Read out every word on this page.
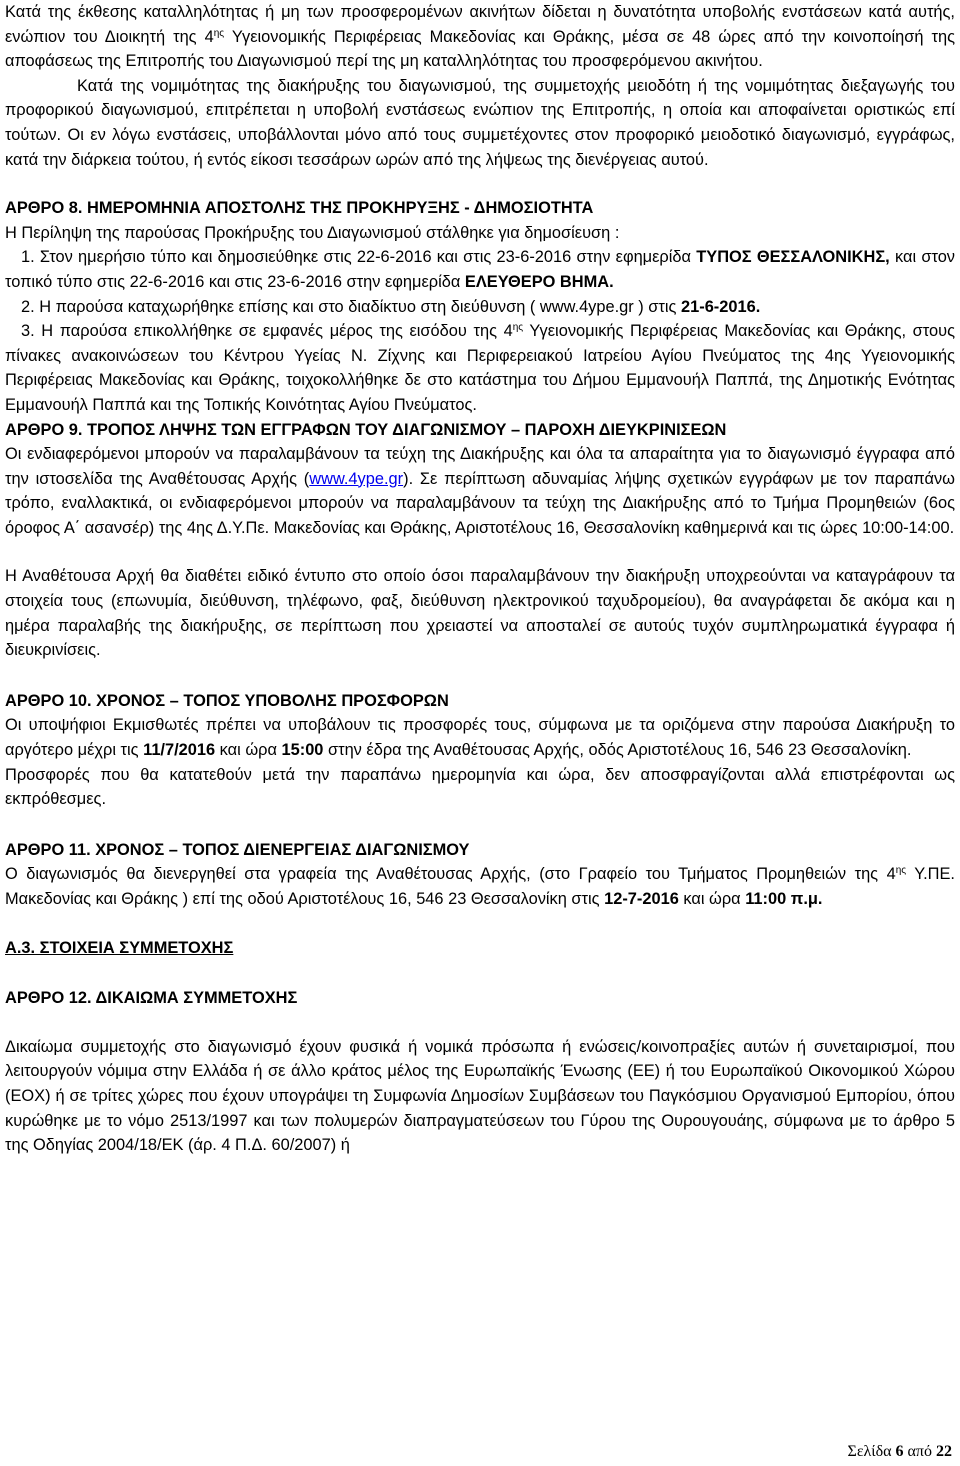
Κατά της έκθεσης καταλληλότητας ή μη των προσφερομένων ακινήτων δίδεται η δυνατότητα υποβολής ενστάσεων κατά αυτής, ενώπιον του Διοικητή της $4^{\eta\varsigma}$ Υγειονομικής Περιφέρειας Μακεδονίας και Θράκης, μέσα σε 48 ώρες από την κοινοποίησή της αποφάσεως της Επιτροπής του Διαγωνισμού περί της μη καταλληλότητας του προσφερόμενου ακινήτου.

Κατά της νομιμότητας της διακήρυξης του διαγωνισμού, της συμμετοχής μειοδότη ή της νομιμότητας διεξαγωγής του προφορικού διαγωνισμού, επιτρέπεται η υποβολή ενστάσεως ενώπιον της Επιτροπής, η οποία και αποφαίνεται οριστικώς επί τούτων. Οι εν λόγω ενστάσεις, υποβάλλονται μόνο από τους συμμετέχοντες στον προφορικό μειοδοτικό διαγωνισμό, εγγράφως, κατά την διάρκεια τούτου, ή εντός είκοσι τεσσάρων ωρών από της λήψεως της διενέργειας αυτού.

ΑΡΘΡΟ 8. ΗΜΕΡΟΜΗΝΙΑ ΑΠΟΣΤΟΛΗΣ ΤΗΣ ΠΡΟΚΗΡΥΞΗΣ - ΔΗΜΟΣΙΟΤΗΤΑ

Η Περίληψη της παρούσας Προκήρυξης του Διαγωνισμού στάλθηκε για δημοσίευση :

1. Στον ημερήσιο τύπο και δημοσιεύθηκε στις 22-6-2016 και στις 23-6-2016 στην εφημερίδα ΤΥΠΟΣ ΘΕΣΣΑΛΟΝΙΚΗΣ, και στον τοπικό τύπο στις 22-6-2016 και στις 23-6-2016 στην εφημερίδα ΕΛΕΥΘΕΡΟ ΒΗΜΑ.

2. Η παρούσα καταχωρήθηκε επίσης και στο διαδίκτυο στη διεύθυνση ( www.4ype.gr ) στις 21-6-2016.

3. Η παρούσα επικολλήθηκε σε εμφανές μέρος της εισόδου της $4^{\eta\varsigma}$ Υγειονομικής Περιφέρειας Μακεδονίας και Θράκης, στους πίνακες ανακοινώσεων του Κέντρου Υγείας Ν. Ζίχνης και Περιφερειακού Ιατρείου Αγίου Πνεύματος της 4ης Υγειονομικής Περιφέρειας Μακεδονίας και Θράκης, τοιχοκολλήθηκε δε στο κατάστημα του Δήμου Εμμανουήλ Παππά, της Δημοτικής Ενότητας Εμμανουήλ Παππά και της Τοπικής Κοινότητας Αγίου Πνεύματος.

ΑΡΘΡΟ 9. ΤΡΟΠΟΣ ΛΗΨΗΣ ΤΩΝ ΕΓΓΡΑΦΩΝ ΤΟΥ ΔΙΑΓΩΝΙΣΜΟΥ – ΠΑΡΟΧΗ ΔΙΕΥΚΡΙΝΙΣΕΩΝ

Οι ενδιαφερόμενοι μπορούν να παραλαμβάνουν τα τεύχη της Διακήρυξης και όλα τα απαραίτητα για το διαγωνισμό έγγραφα από την ιστοσελίδα της Αναθέτουσας Αρχής (www.4ype.gr). Σε περίπτωση αδυναμίας λήψης σχετικών εγγράφων με τον παραπάνω τρόπο, εναλλακτικά, οι ενδιαφερόμενοι μπορούν να παραλαμβάνουν τα τεύχη της Διακήρυξης από το Τμήμα Προμηθειών (6ος όροφος Α΄ ασανσέρ) της 4ης Δ.Υ.Πε. Μακεδονίας και Θράκης, Αριστοτέλους 16, Θεσσαλονίκη καθημερινά και τις ώρες 10:00-14:00.

Η Αναθέτουσα Αρχή θα διαθέτει ειδικό έντυπο στο οποίο όσοι παραλαμβάνουν την διακήρυξη υποχρεούνται να καταγράφουν τα στοιχεία τους (επωνυμία, διεύθυνση, τηλέφωνο, φαξ, διεύθυνση ηλεκτρονικού ταχυδρομείου), θα αναγράφεται δε ακόμα και η ημέρα παραλαβής της διακήρυξης, σε περίπτωση που χρειαστεί να αποσταλεί σε αυτούς τυχόν συμπληρωματικά έγγραφα ή διευκρινίσεις.

ΑΡΘΡΟ 10. ΧΡΟΝΟΣ – ΤΟΠΟΣ ΥΠΟΒΟΛΗΣ ΠΡΟΣΦΟΡΩΝ

Οι υποψήφιοι Εκμισθωτές πρέπει να υποβάλουν τις προσφορές τους, σύμφωνα με τα οριζόμενα στην παρούσα Διακήρυξη το αργότερο μέχρι τις 11/7/2016 και ώρα 15:00 στην έδρα της Αναθέτουσας Αρχής, οδός Αριστοτέλους 16, 546 23 Θεσσαλονίκη.

Προσφορές που θα κατατεθούν μετά την παραπάνω ημερομηνία και ώρα, δεν αποσφραγίζονται αλλά επιστρέφονται ως εκπρόθεσμες.

ΑΡΘΡΟ 11. ΧΡΟΝΟΣ – ΤΟΠΟΣ ΔΙΕΝΕΡΓΕΙΑΣ ΔΙΑΓΩΝΙΣΜΟΥ

Ο διαγωνισμός θα διενεργηθεί στα γραφεία της Αναθέτουσας Αρχής, (στο Γραφείο του Τμήματος Προμηθειών της $4^{\eta\varsigma}$ Υ.ΠΕ. Μακεδονίας και Θράκης ) επί της οδού Αριστοτέλους 16, 546 23 Θεσσαλονίκη στις 12-7-2016 και ώρα 11:00 π.μ.

Α.3. ΣΤΟΙΧΕΙΑ ΣΥΜΜΕΤΟΧΗΣ

ΑΡΘΡΟ 12. ΔΙΚΑΙΩΜΑ ΣΥΜΜΕΤΟΧΗΣ

Δικαίωμα συμμετοχής στο διαγωνισμό έχουν φυσικά ή νομικά πρόσωπα ή ενώσεις/κοινοπραξίες αυτών ή συνεταιρισμοί, που λειτουργούν νόμιμα στην Ελλάδα ή σε άλλο κράτος μέλος της Ευρωπαϊκής Ένωσης (ΕΕ) ή του Ευρωπαϊκού Οικονομικού Χώρου (ΕΟΧ) ή σε τρίτες χώρες που έχουν υπογράψει τη Συμφωνία Δημοσίων Συμβάσεων του Παγκόσμιου Οργανισμού Εμπορίου, όπου κυρώθηκε με το νόμο 2513/1997 και των πολυμερών διαπραγματεύσεων του Γύρου της Ουρουγουάης, σύμφωνα με το άρθρο 5 της Οδηγίας 2004/18/ΕΚ (άρ. 4 Π.Δ. 60/2007) ή

Σελίδα 6 από 22
